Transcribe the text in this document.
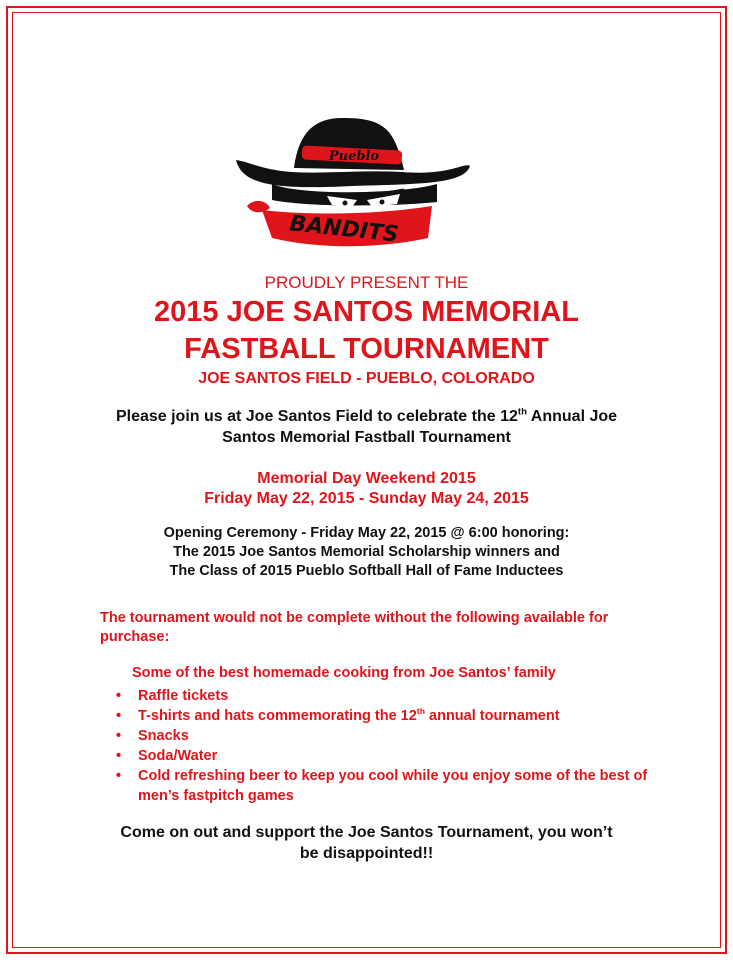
Pueblo
BANDITS

PROUDLY PRESENT THE

2015 JOE SANTOS MEMORIAL
FASTBALL TOURNAMENT

JOE SANTOS FIELD - PUEBLO, COLORADO

Please join us at Joe Santos Field to celebrate the 12th Annual Joe
Santos Memorial Fastball Tournament
Memorial Day Weekend 2015
Friday May 22, 2015 - Sunday May 24, 2015
Opening Ceremony - Friday May 22, 2015 @ 6:00 honoring:
The 2015 Joe Santos Memorial Scholarship winners and
The Class of 2015 Pueblo Softball Hall of Fame Inductees
The tournament would not be complete without the following available for purchase:
Some of the best homemade cooking from Joe Santos’ family
• Raffle tickets
• T-shirts and hats commemorating the 12th annual tournament
• Snacks
• Soda/Water
• Cold refreshing beer to keep you cool while you enjoy some of the best of men’s fastpitch games
Come on out and support the Joe Santos Tournament, you won’t
be disappointed!!
